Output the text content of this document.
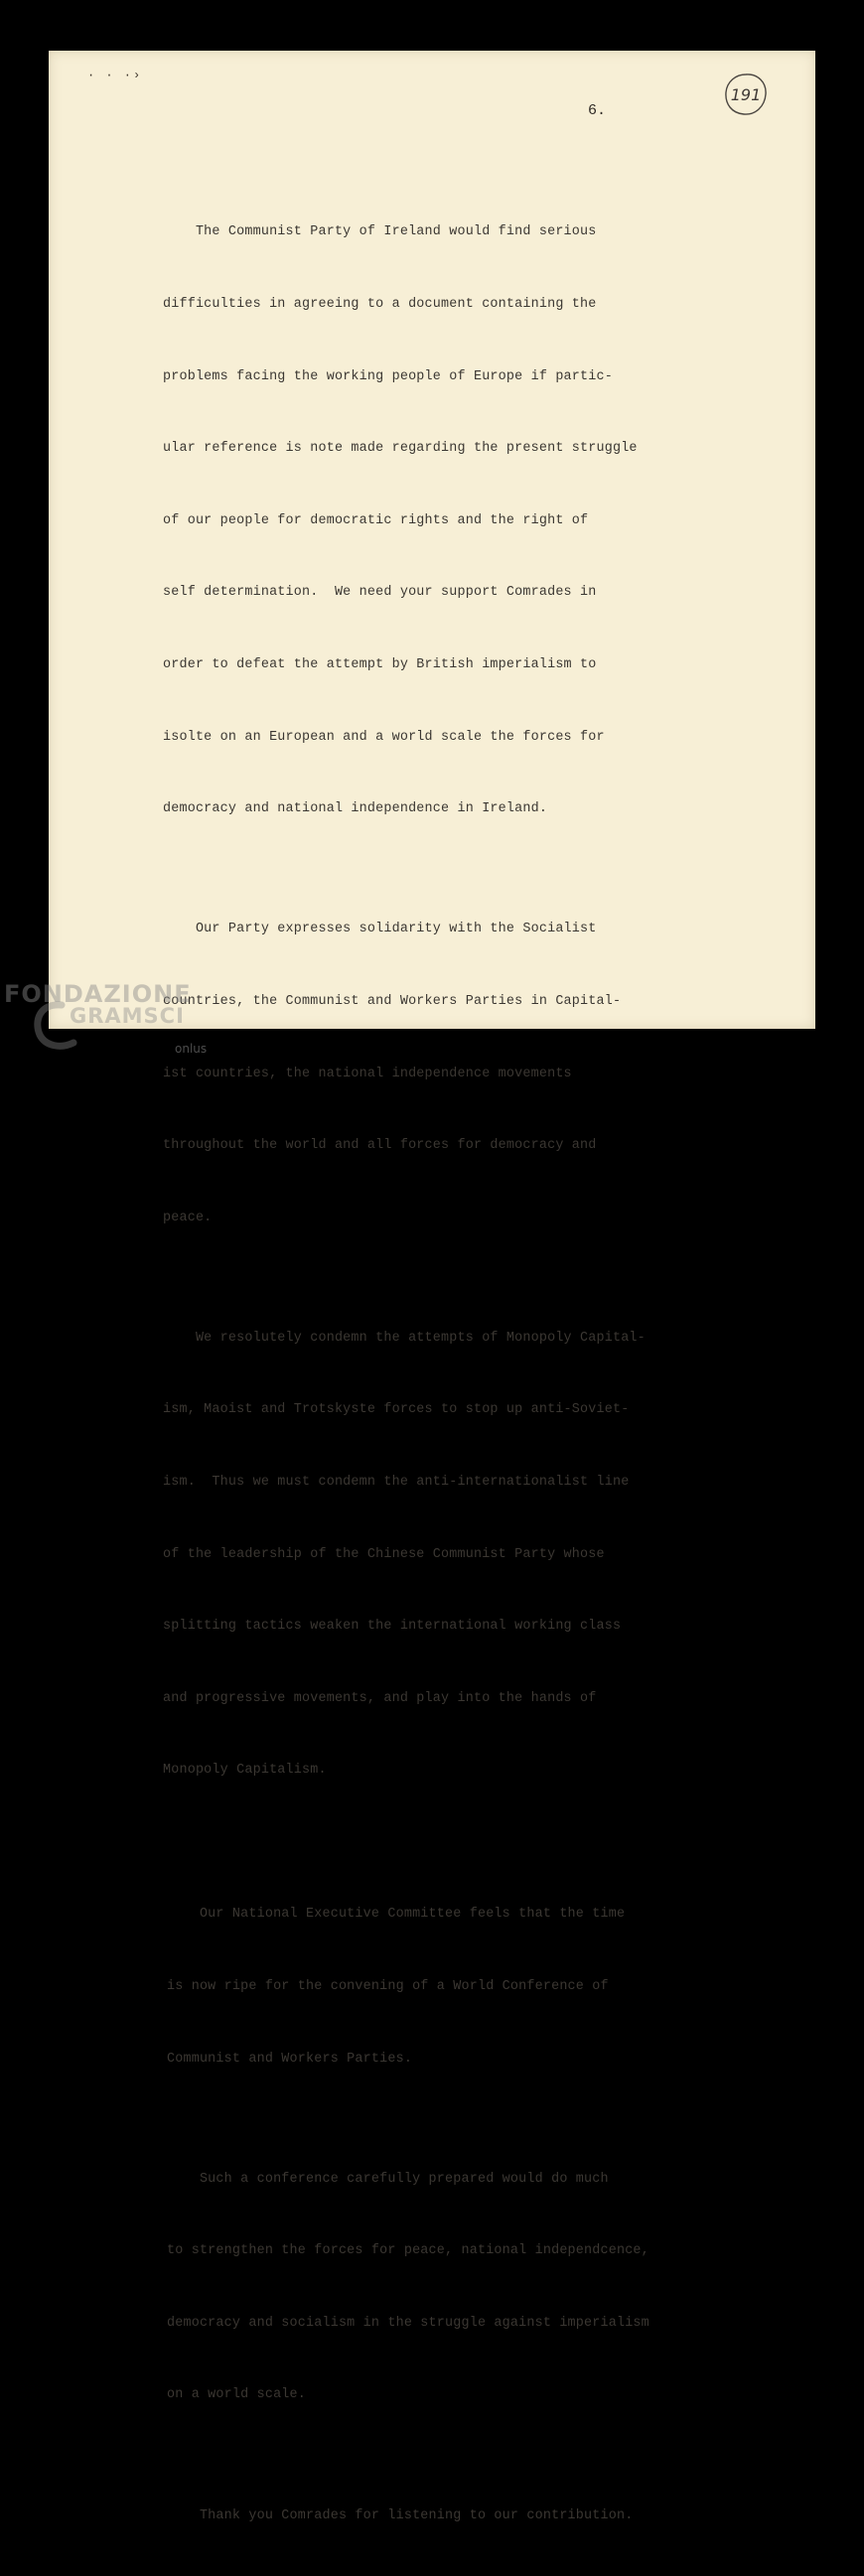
· · ·›
6.
191

The Communist Party of Ireland would find serious

difficulties in agreeing to a document containing the

problems facing the working people of Europe if partic-

ular reference is note made regarding the present struggle

of our people for democratic rights and the right of

self determination.  We need your support Comrades in

order to defeat the attempt by British imperialism to

isolte on an European and a world scale the forces for

democracy and national independence in Ireland.

Our Party expresses solidarity with the Socialist

countries, the Communist and Workers Parties in Capital-

ist countries, the national independence movements

throughout the world and all forces for democracy and

peace.

We resolutely condemn the attempts of Monopoly Capital-

ism, Maoist and Trotskyste forces to stop up anti-Soviet-

ism.  Thus we must condemn the anti-internationalist line

of the leadership of the Chinese Communist Party whose

splitting tactics weaken the international working class

and progressive movements, and play into the hands of

Monopoly Capitalism.

Our National Executive Committee feels that the time

is now ripe for the convening of a World Conference of

Communist and Workers Parties.

Such a conference carefully prepared would do much

to strengthen the forces for peace, national independcence,

democracy and socialism in the struggle against imperialism

on a world scale.

Thank you Comrades for listening to our contribution.

FONDAZIONE
GRAMSCI
onlus
